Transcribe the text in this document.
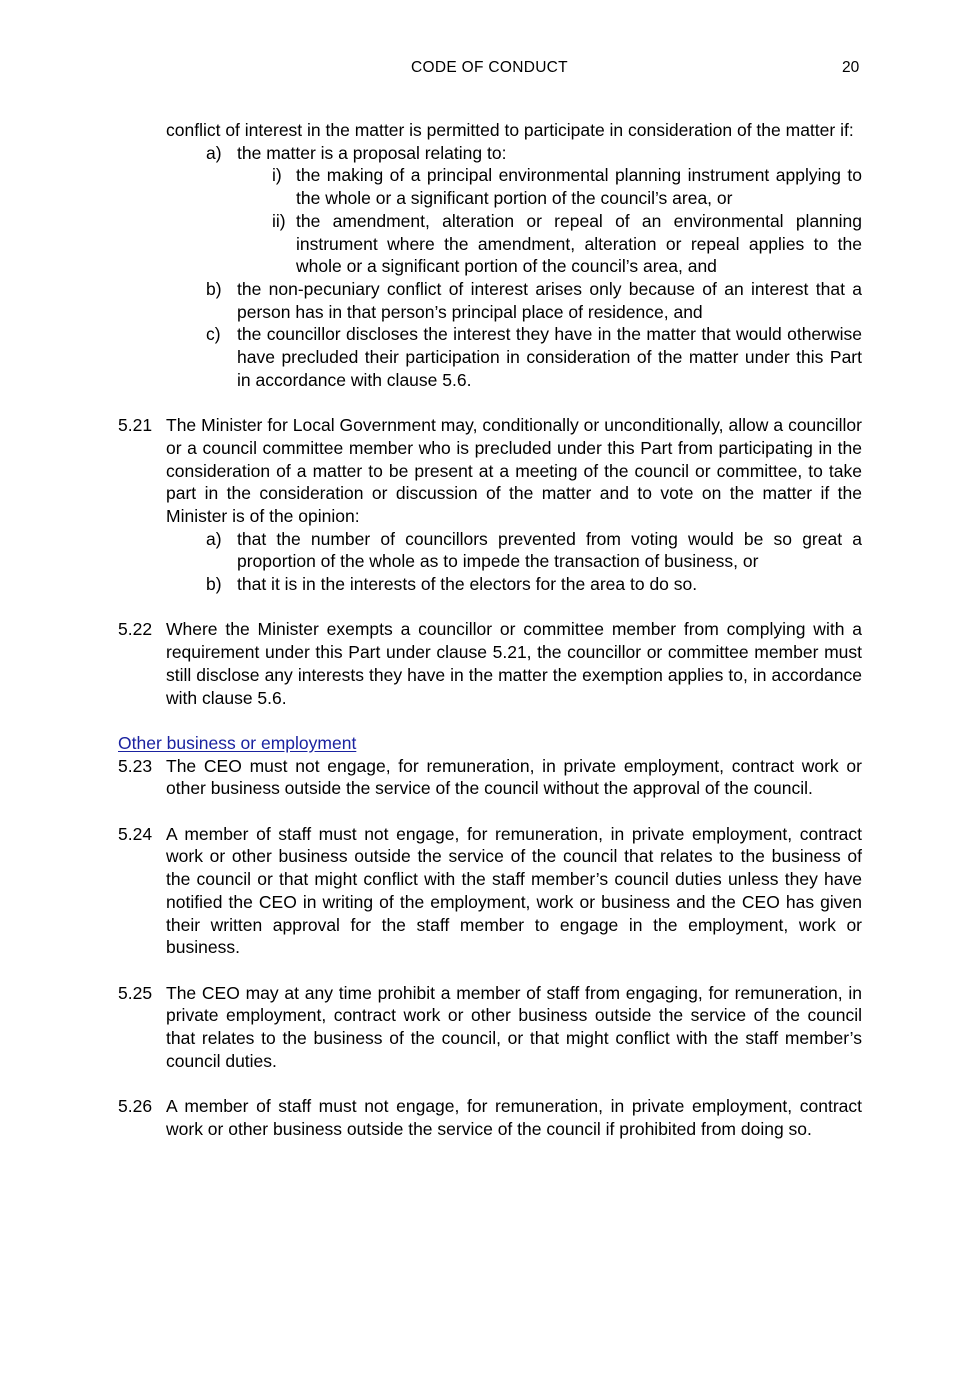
CODE OF CONDUCT	20
conflict of interest in the matter is permitted to participate in consideration of the matter if:
a) the matter is a proposal relating to:
i) the making of a principal environmental planning instrument applying to the whole or a significant portion of the council’s area, or
ii) the amendment, alteration or repeal of an environmental planning instrument where the amendment, alteration or repeal applies to the whole or a significant portion of the council’s area, and
b) the non-pecuniary conflict of interest arises only because of an interest that a person has in that person’s principal place of residence, and
c) the councillor discloses the interest they have in the matter that would otherwise have precluded their participation in consideration of the matter under this Part in accordance with clause 5.6.
5.21 The Minister for Local Government may, conditionally or unconditionally, allow a councillor or a council committee member who is precluded under this Part from participating in the consideration of a matter to be present at a meeting of the council or committee, to take part in the consideration or discussion of the matter and to vote on the matter if the Minister is of the opinion:
a) that the number of councillors prevented from voting would be so great a proportion of the whole as to impede the transaction of business, or
b) that it is in the interests of the electors for the area to do so.
5.22 Where the Minister exempts a councillor or committee member from complying with a requirement under this Part under clause 5.21, the councillor or committee member must still disclose any interests they have in the matter the exemption applies to, in accordance with clause 5.6.
Other business or employment
5.23 The CEO must not engage, for remuneration, in private employment, contract work or other business outside the service of the council without the approval of the council.
5.24 A member of staff must not engage, for remuneration, in private employment, contract work or other business outside the service of the council that relates to the business of the council or that might conflict with the staff member’s council duties unless they have notified the CEO in writing of the employment, work or business and the CEO has given their written approval for the staff member to engage in the employment, work or business.
5.25 The CEO may at any time prohibit a member of staff from engaging, for remuneration, in private employment, contract work or other business outside the service of the council that relates to the business of the council, or that might conflict with the staff member’s council duties.
5.26 A member of staff must not engage, for remuneration, in private employment, contract work or other business outside the service of the council if prohibited from doing so.
